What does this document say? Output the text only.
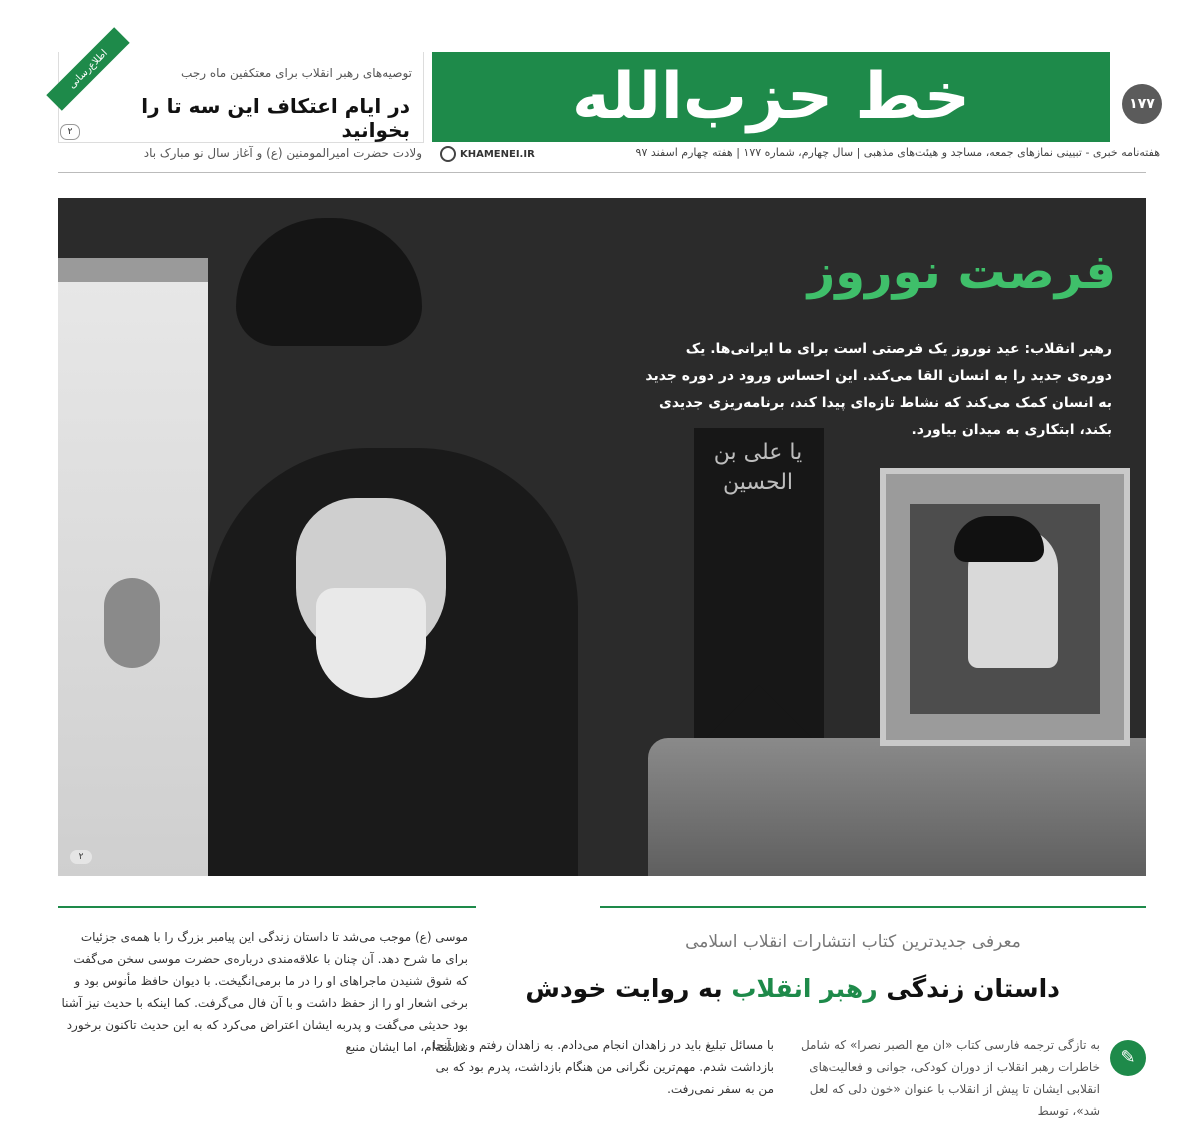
خط حزب‌الله	۱۷۷
هفته‌نامه خبری - تبیینی نمازهای جمعه، مساجد و هیئت‌های مذهبی | سال چهارم، شماره ۱۷۷ | هفته چهارم اسفند ۹۷
KHAMENEI.IR
اطلاع‌رسانی	توصیه‌های رهبر انقلاب برای معتکفین ماه رجب
در ایام اعتکاف این سه تا را بخوانید
۲
ولادت حضرت امیرالمومنین (ع) و آغاز سال نو مبارک باد
یا علی بن الحسین
فرصت نوروز
رهبر انقلاب: عید نوروز یک فرصتی است برای ما ایرانی‌ها. یک دوره‌ی جدید را به انسان القا می‌کند. این احساس ورود در دوره جدید به انسان کمک می‌کند که نشاط تازه‌ای پیدا کند، برنامه‌ریزی جدیدی بکند، ابتکاری به میدان بیاورد.
۲
معرفی جدیدترین کتاب انتشارات انقلاب اسلامی
داستان زندگی رهبر انقلاب به روایت خودش
موسی (ع) موجب می‌شد تا داستان زندگی این پیامبر بزرگ را با همه‌ی جزئیات برای ما شرح دهد. آن چنان با علاقه‌مندی درباره‌ی حضرت موسی سخن می‌گفت که شوق شنیدن ماجراهای او را در ما برمی‌انگیخت. با دیوان حافظ مأنوس بود و برخی اشعار او را از حفظ داشت و با آن فال می‌گرفت. کما اینکه با حدیث نیز آشنا بود حدیثی می‌گفت و پدربه ایشان اعتراض می‌کرد که به این حدیث تاکنون برخورد نداشته‌ام، اما ایشان منبع
با مسائل تبلیغ باید در زاهدان انجام می‌دادم. به زاهدان رفتم و در آنجا بازداشت شدم. مهم‌ترین نگرانی من هنگام بازداشت، پدرم بود که بی من به سفر نمی‌رفت.
به تازگی ترجمه فارسی کتاب «ان مع الصبر نصرا» که شامل خاطرات رهبر انقلاب از دوران کودکی، جوانی و فعالیت‌های انقلابی ایشان تا پیش از انقلاب با عنوان «خون دلی که لعل شد»، توسط
✎
